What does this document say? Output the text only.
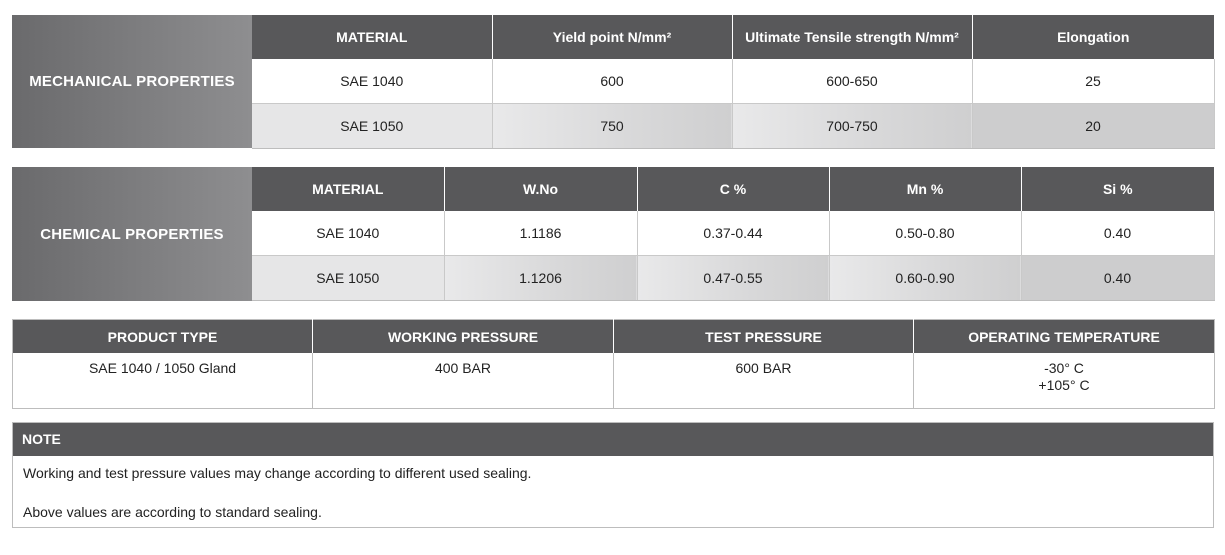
MECHANICAL PROPERTIES
MATERIAL	Yield point N/mm²	Ultimate Tensile strength N/mm²	Elongation
SAE 1040	600	600-650	25
SAE 1050	750	700-750	20
CHEMICAL PROPERTIES
MATERIAL	W.No	C %	Mn %	Si %
SAE 1040	1.1186	0.37-0.44	0.50-0.80	0.40
SAE 1050	1.1206	0.47-0.55	0.60-0.90	0.40
PRODUCT TYPE	WORKING PRESSURE	TEST PRESSURE	OPERATING TEMPERATURE
SAE 1040 / 1050 Gland	400 BAR	600 BAR	-30° C
+105° C
NOTE

Working and test pressure values may change according to different used sealing.

Above values are according to standard sealing.
